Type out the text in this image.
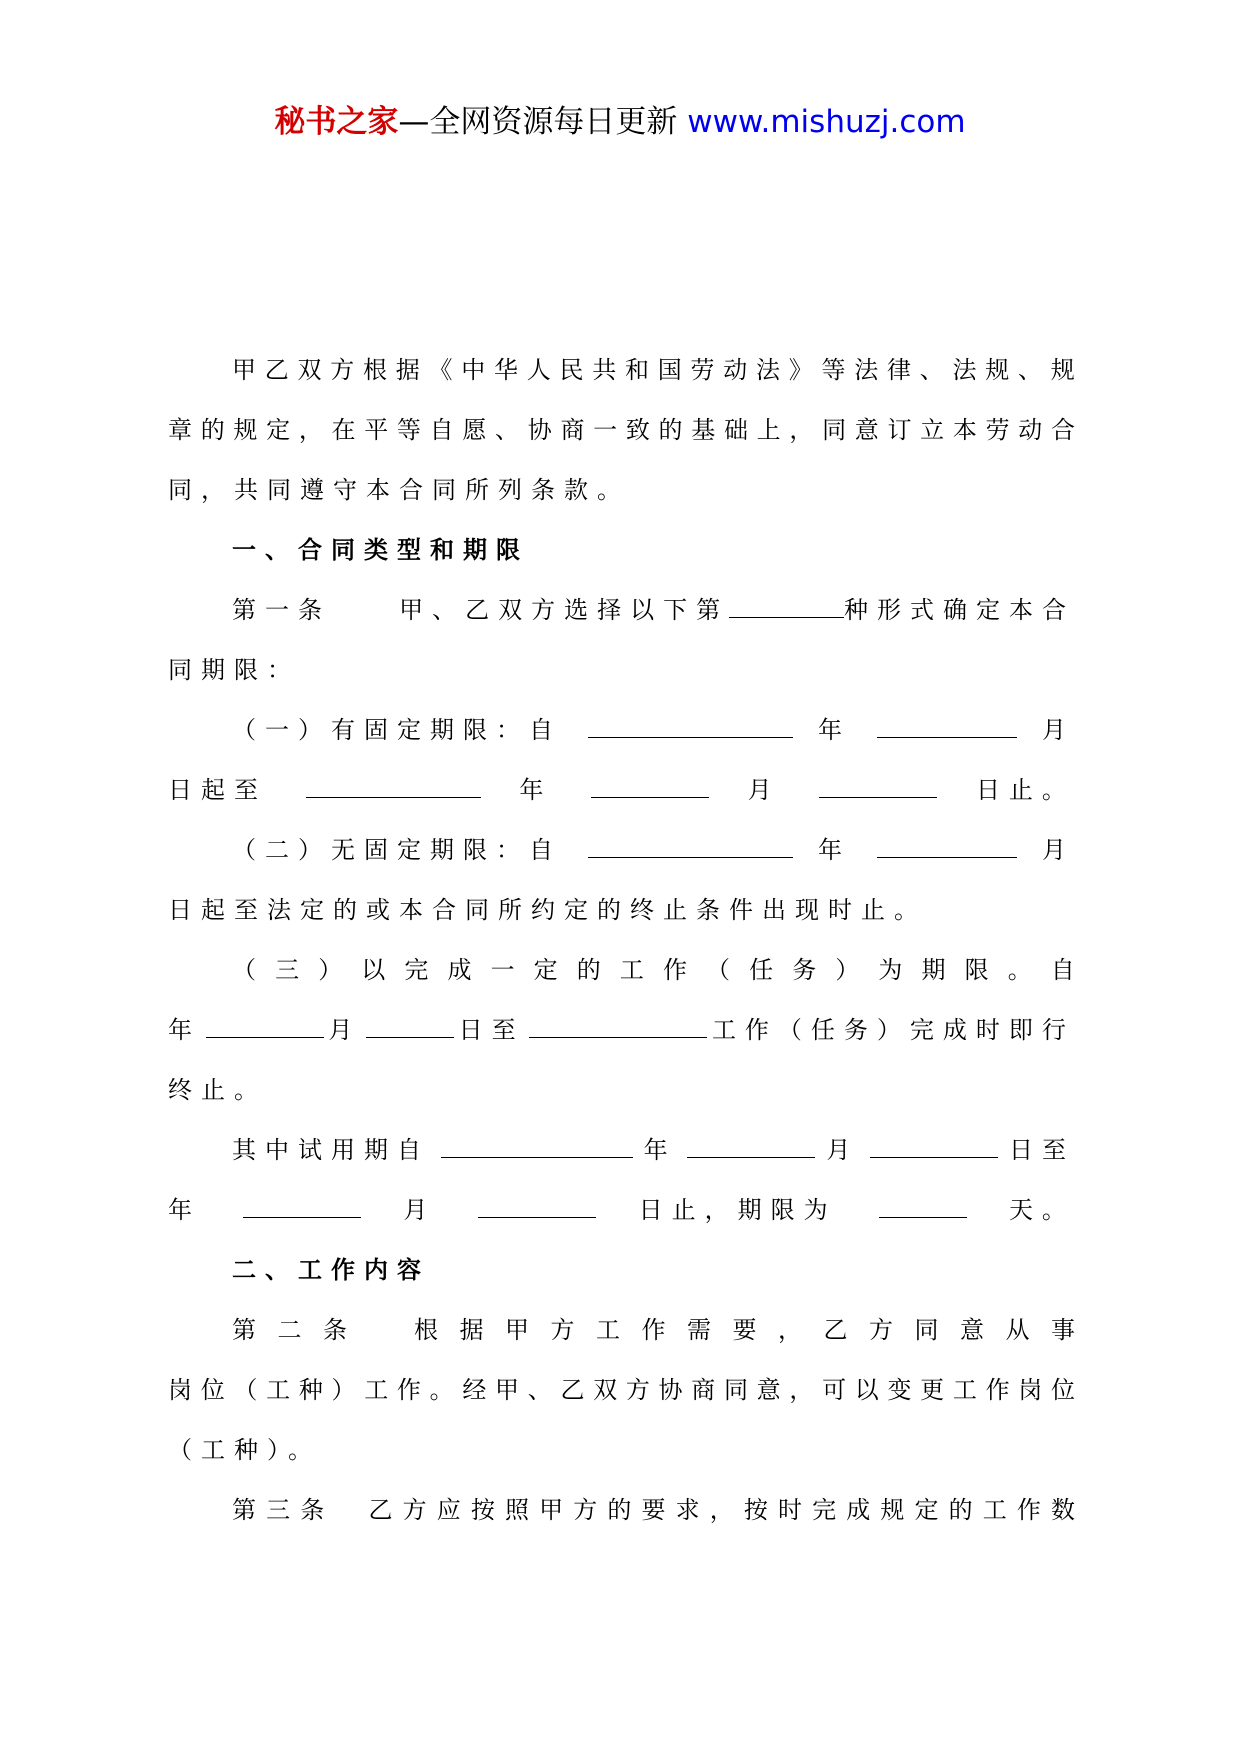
秘书之家—全网资源每日更新 www.mishuzj.com
甲 乙 双 方 根 据 《 中 华 人 民 共 和 国 劳 动 法 》 等 法 律 、 法 规 、 规
章 的 规 定 ， 在 平 等 自 愿 、 协 商 一 致 的 基 础 上 ， 同 意 订 立 本 劳 动 合
同，共同遵守本合同所列条款。
一、合同类型和期限
第一条	甲、乙双方选择以下第	种形式确定本合
同期限：
（一）有固定期限：自	年	月
日起至	年	月	日止。
（二）无固定期限：自	年	月
日起至法定的或本合同所约定的终止条件出现时止。
（ 三 ） 以 完 成 一 定 的 工 作 （ 任 务 ） 为 期 限 。 自
年	月	日至	工作（任务）完成时即行
终止。
其中试用期自	年	月	日至
年	月	日止，期限为	天。
二、工作内容
第 二 条	根 据 甲 方 工 作 需 要 ， 乙 方 同 意 从 事
岗 位 （ 工 种 ） 工 作 。 经 甲 、 乙 双 方 协 商 同 意 ， 可 以 变 更 工 作 岗 位
（工种）。
第 三 条 乙 方 应 按 照 甲 方 的 要 求 ， 按 时 完 成 规 定 的 工 作 数
